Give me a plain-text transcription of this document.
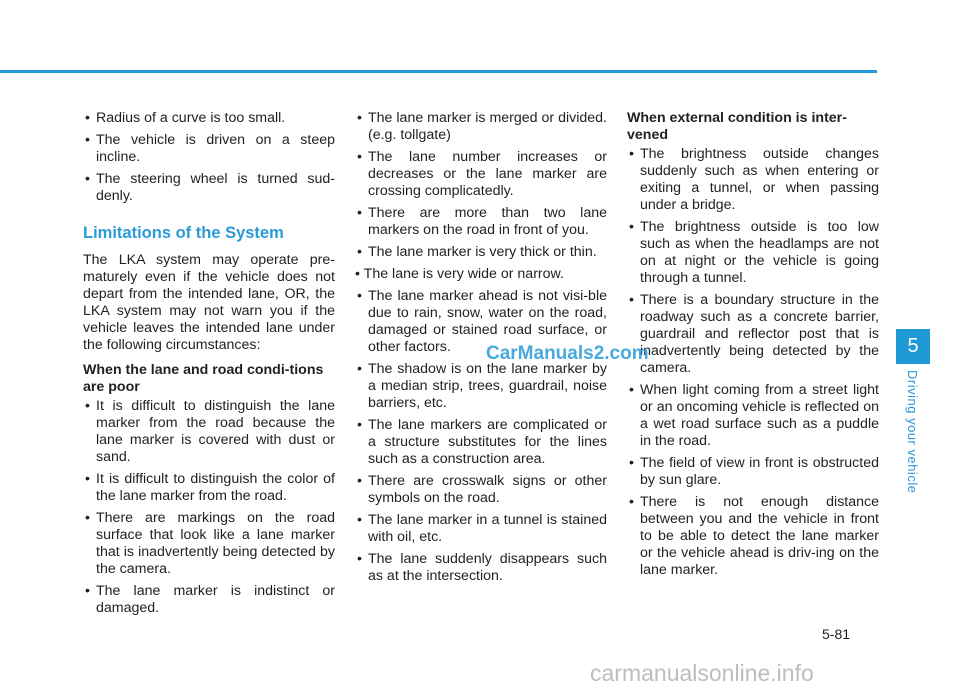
• Radius of a curve is too small.
• The vehicle is driven on a steep incline.
• The steering wheel is turned sud-denly.
Limitations of the System

The LKA system may operate pre-maturely even if the vehicle does not depart from the intended lane, OR, the LKA system may not warn you if the vehicle leaves the intended lane under the following circumstances:

When the lane and road condi-tions are poor
• It is difficult to distinguish the lane marker from the road because the lane marker is covered with dust or sand.
• It is difficult to distinguish the color of the lane marker from the road.
• There are markings on the road surface that look like a lane marker that is inadvertently being detected by the camera.
• The lane marker is indistinct or damaged.
• The lane marker is merged or divided. (e.g. tollgate)
• The lane number increases or decreases or the lane marker are crossing complicatedly.
• There are more than two lane markers on the road in front of you.
• The lane marker is very thick or thin.
• The lane is very wide or narrow.
• The lane marker ahead is not visi-ble due to rain, snow, water on the road, damaged or stained road surface, or other factors.
• The shadow is on the lane marker by a median strip, trees, guardrail, noise barriers, etc.
• The lane markers are complicated or a structure substitutes for the lines such as a construction area.
• There are crosswalk signs or other symbols on the road.
• The lane marker in a tunnel is stained with oil, etc.
• The lane suddenly disappears such as at the intersection.
When external condition is inter-vened
• The brightness outside changes suddenly such as when entering or exiting a tunnel, or when passing under a bridge.
• The brightness outside is too low such as when the headlamps are not on at night or the vehicle is going through a tunnel.
• There is a boundary structure in the roadway such as a concrete barrier, guardrail and reflector post that is inadvertently being detected by the camera.
• When light coming from a street light or an oncoming vehicle is reflected on a wet road surface such as a puddle in the road.
• The field of view in front is obstructed by sun glare.
• There is not enough distance between you and the vehicle in front to be able to detect the lane marker or the vehicle ahead is driv-ing on the lane marker.
5
Driving your vehicle
5-81
CarManuals2.com
carmanualsonline.info
